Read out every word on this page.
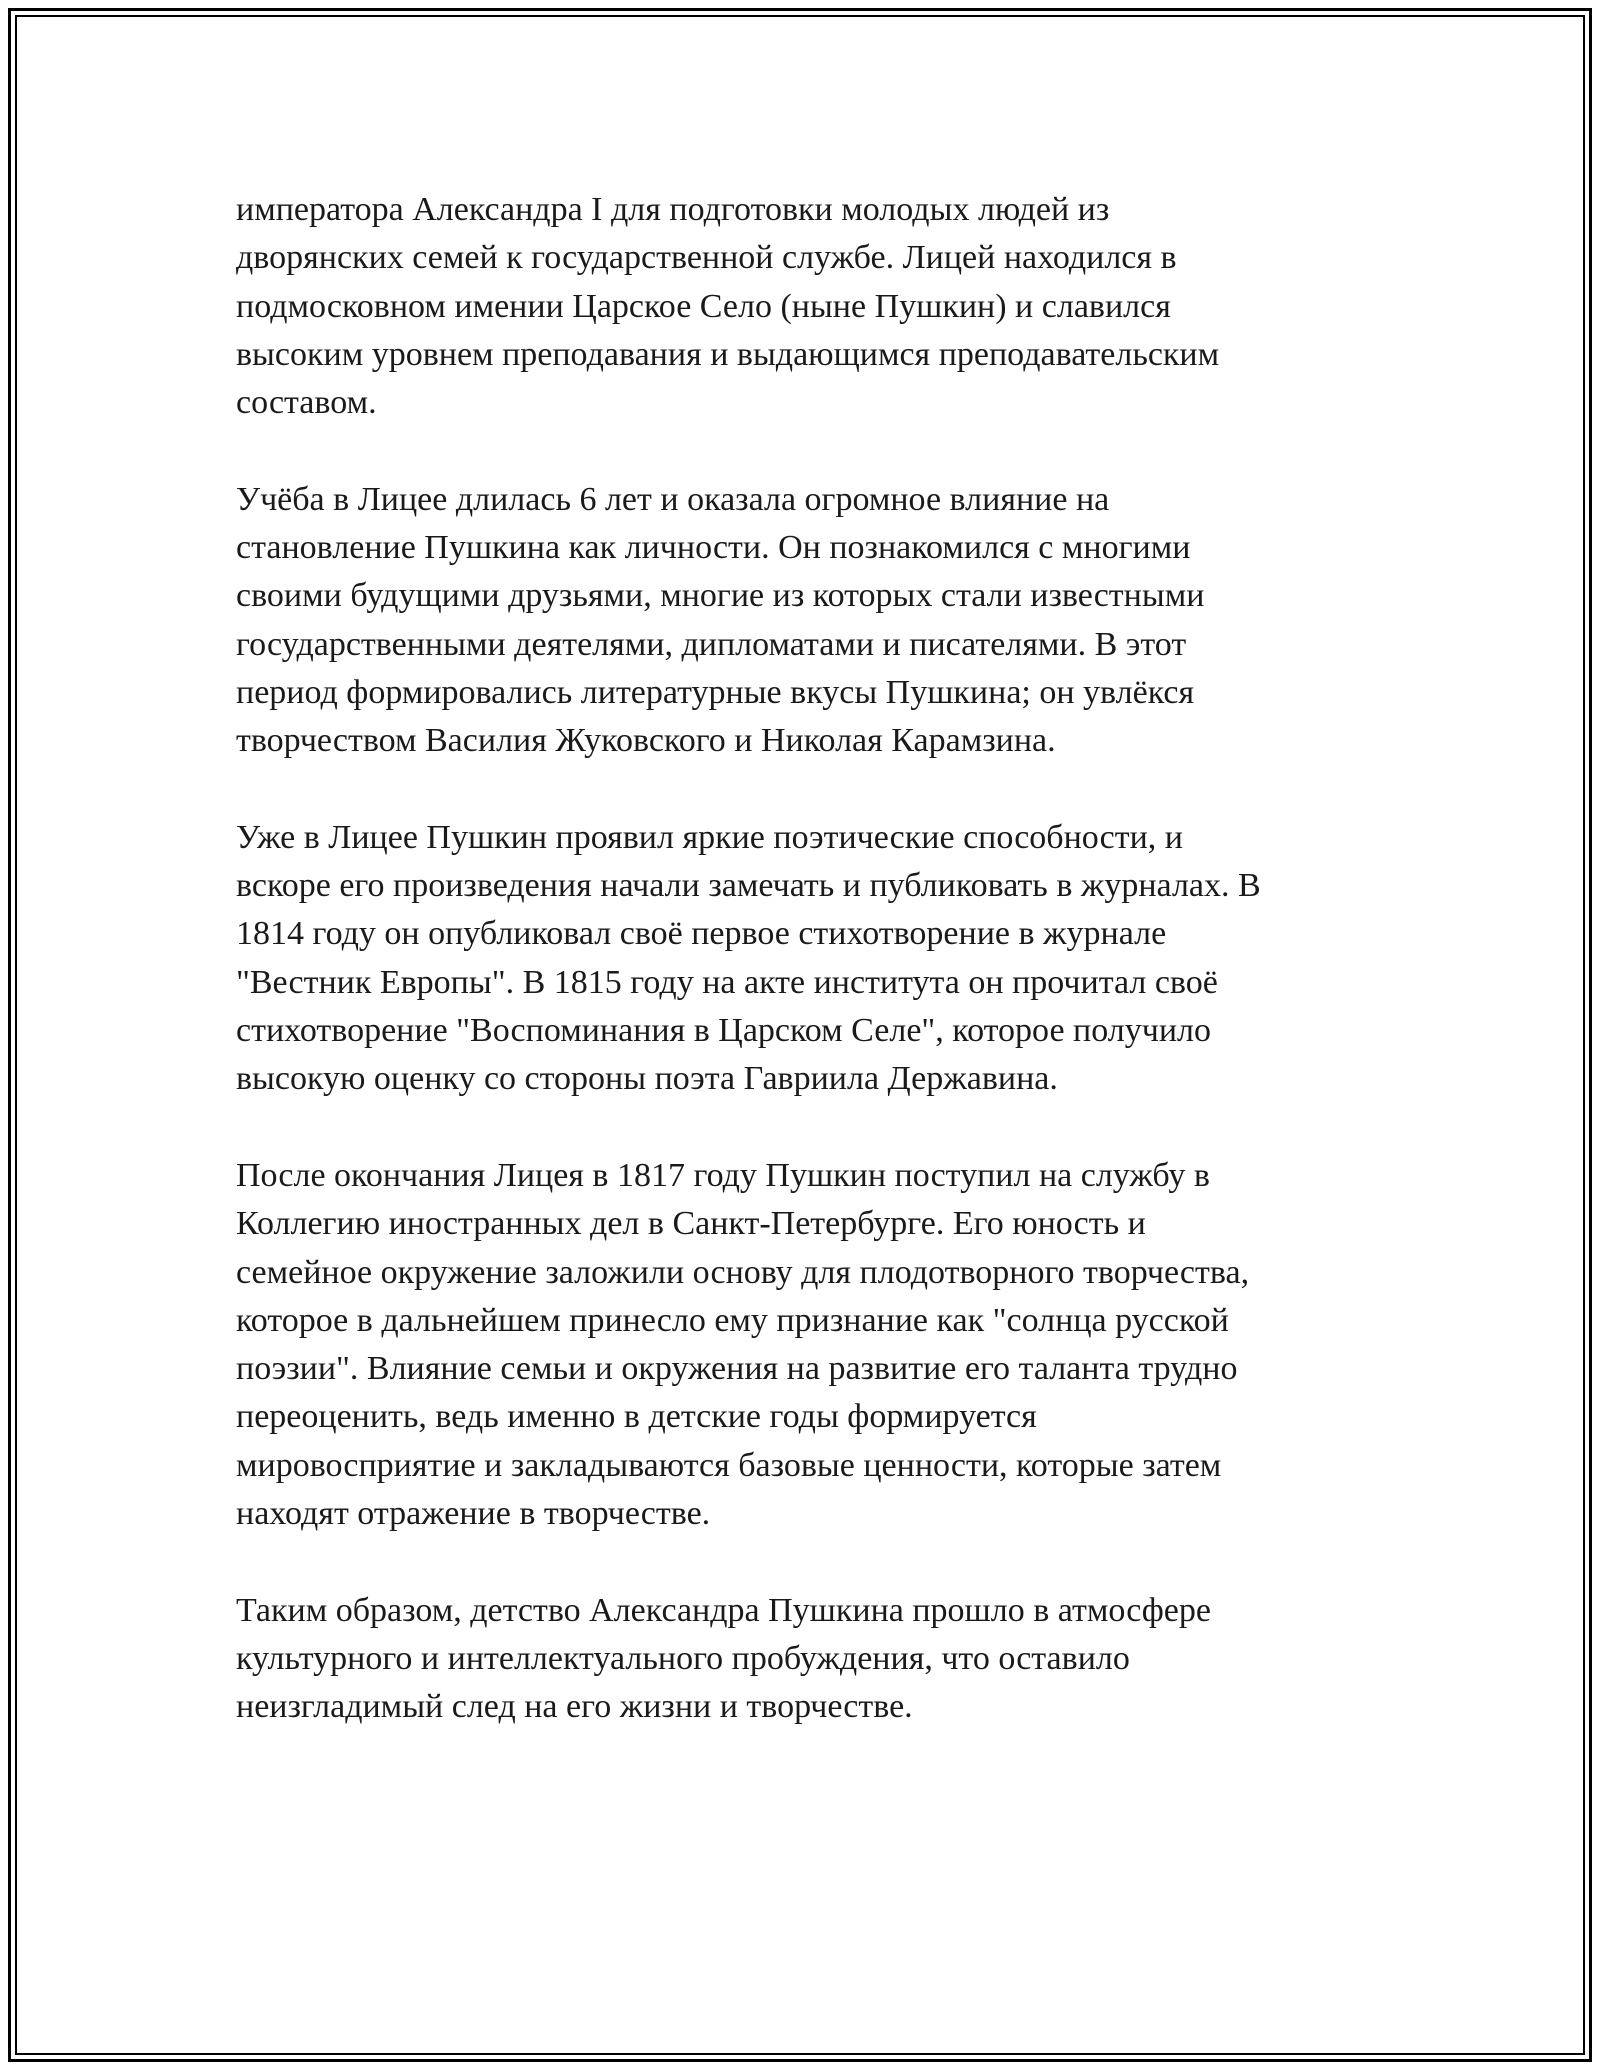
императора Александра I для подготовки молодых людей из
дворянских семей к государственной службе. Лицей находился в
подмосковном имении Царское Село (ныне Пушкин) и славился
высоким уровнем преподавания и выдающимся преподавательским
составом.

Учёба в Лицее длилась 6 лет и оказала огромное влияние на
становление Пушкина как личности. Он познакомился с многими
своими будущими друзьями, многие из которых стали известными
государственными деятелями, дипломатами и писателями. В этот
период формировались литературные вкусы Пушкина; он увлёкся
творчеством Василия Жуковского и Николая Карамзина.

Уже в Лицее Пушкин проявил яркие поэтические способности, и
вскоре его произведения начали замечать и публиковать в журналах. В
1814 году он опубликовал своё первое стихотворение в журнале
"Вестник Европы". В 1815 году на акте института он прочитал своё
стихотворение "Воспоминания в Царском Селе", которое получило
высокую оценку со стороны поэта Гавриила Державина.

После окончания Лицея в 1817 году Пушкин поступил на службу в
Коллегию иностранных дел в Санкт-Петербурге. Его юность и
семейное окружение заложили основу для плодотворного творчества,
которое в дальнейшем принесло ему признание как "солнца русской
поэзии". Влияние семьи и окружения на развитие его таланта трудно
переоценить, ведь именно в детские годы формируется
мировосприятие и закладываются базовые ценности, которые затем
находят отражение в творчестве.

Таким образом, детство Александра Пушкина прошло в атмосфере
культурного и интеллектуального пробуждения, что оставило
неизгладимый след на его жизни и творчестве.
